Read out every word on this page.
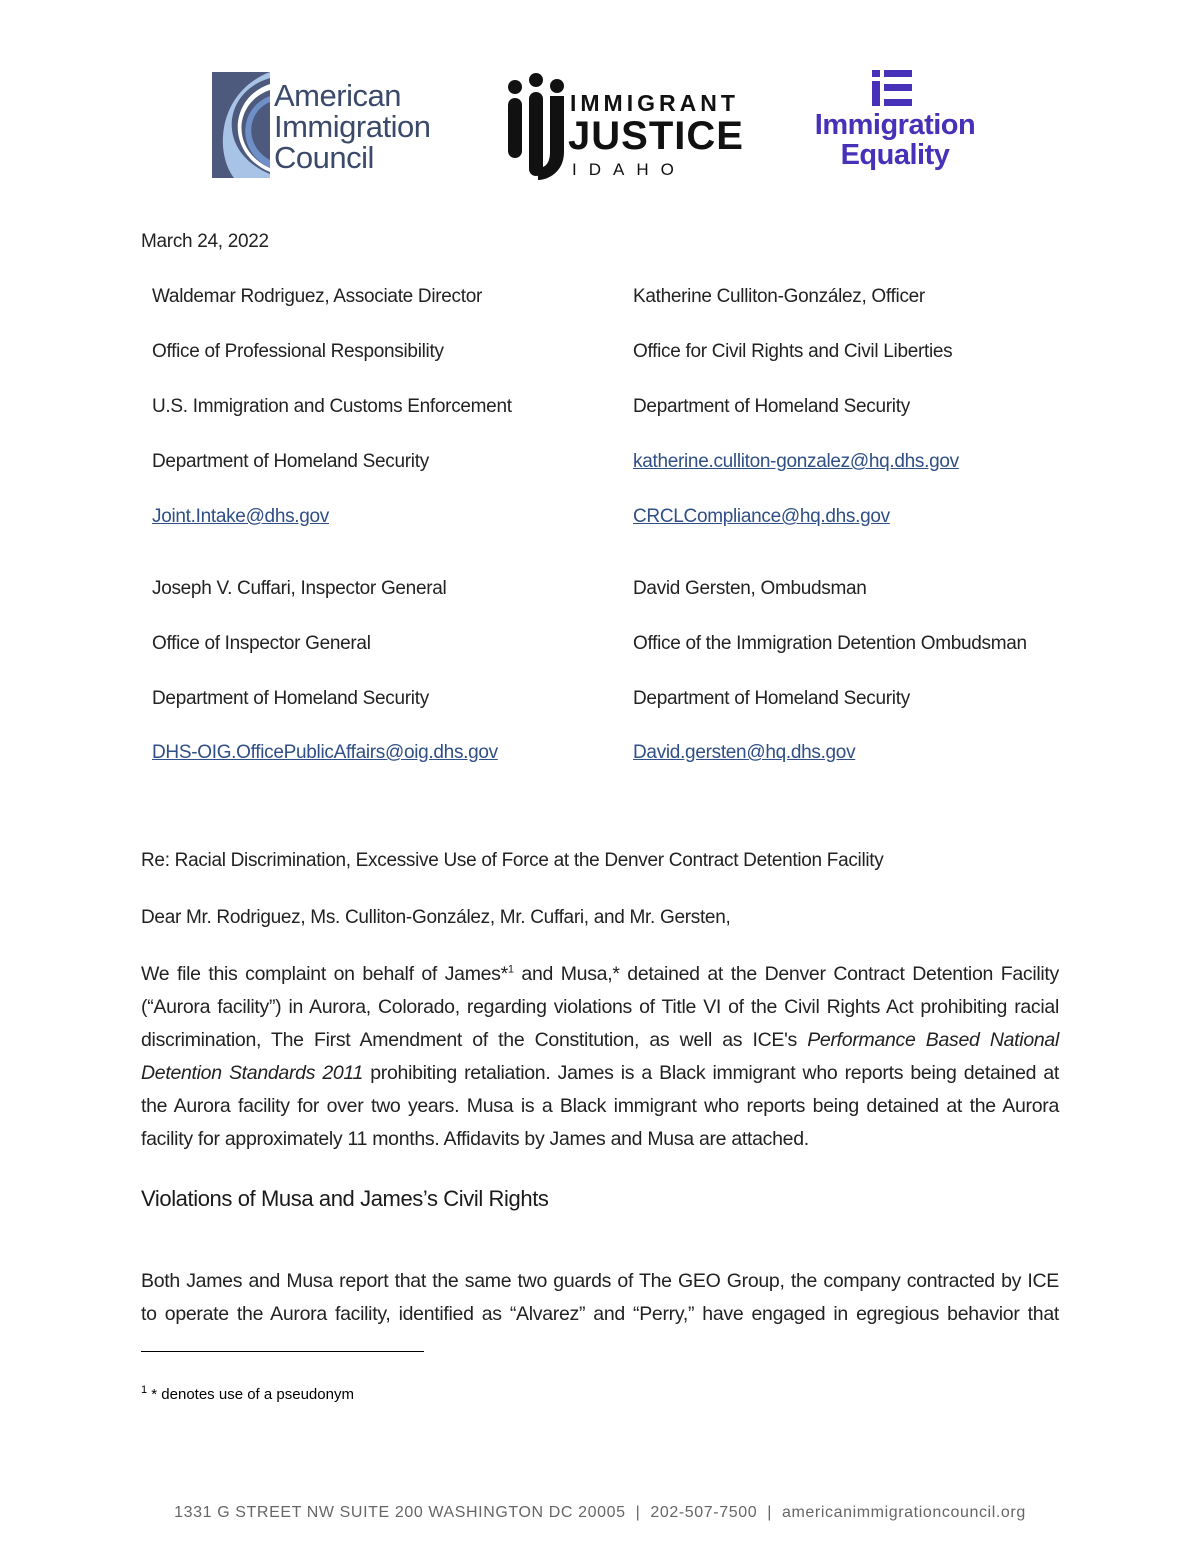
American
Immigration
Council
IMMIGRANT
JUSTICE
IDAHO
Immigration
Equality
March 24, 2022
Waldemar Rodriguez, Associate Director
Office of Professional Responsibility
U.S. Immigration and Customs Enforcement
Department of Homeland Security
Joint.Intake@dhs.gov
Katherine Culliton-González, Officer
Office for Civil Rights and Civil Liberties
Department of Homeland Security
katherine.culliton-gonzalez@hq.dhs.gov
CRCLCompliance@hq.dhs.gov
Joseph V. Cuffari, Inspector General
Office of Inspector General
Department of Homeland Security
DHS-OIG.OfficePublicAffairs@oig.dhs.gov
David Gersten, Ombudsman
Office of the Immigration Detention Ombudsman
Department of Homeland Security
David.gersten@hq.dhs.gov
Re: Racial Discrimination, Excessive Use of Force at the Denver Contract Detention Facility
Dear Mr. Rodriguez, Ms. Culliton-González, Mr. Cuffari, and Mr. Gersten,
We file this complaint on behalf of James*$^1$ and Musa,* detained at the Denver Contract Detention Facility (“Aurora facility”) in Aurora, Colorado, regarding violations of Title VI of the Civil Rights Act prohibiting racial discrimination, The First Amendment of the Constitution, as well as ICE's Performance Based National Detention Standards 2011 prohibiting retaliation. James is a Black immigrant who reports being detained at the Aurora facility for over two years. Musa is a Black immigrant who reports being detained at the Aurora facility for approximately 11 months. Affidavits by James and Musa are attached.
Violations of Musa and James’s Civil Rights
Both James and Musa report that the same two guards of The GEO Group, the company contracted by ICE
to operate the Aurora facility, identified as “Alvarez” and “Perry,” have engaged in egregious behavior that
$^1$ * denotes use of a pseudonym
1331 G STREET NW SUITE 200 WASHINGTON DC 20005 | 202-507-7500 | americanimmigrationcouncil.org
